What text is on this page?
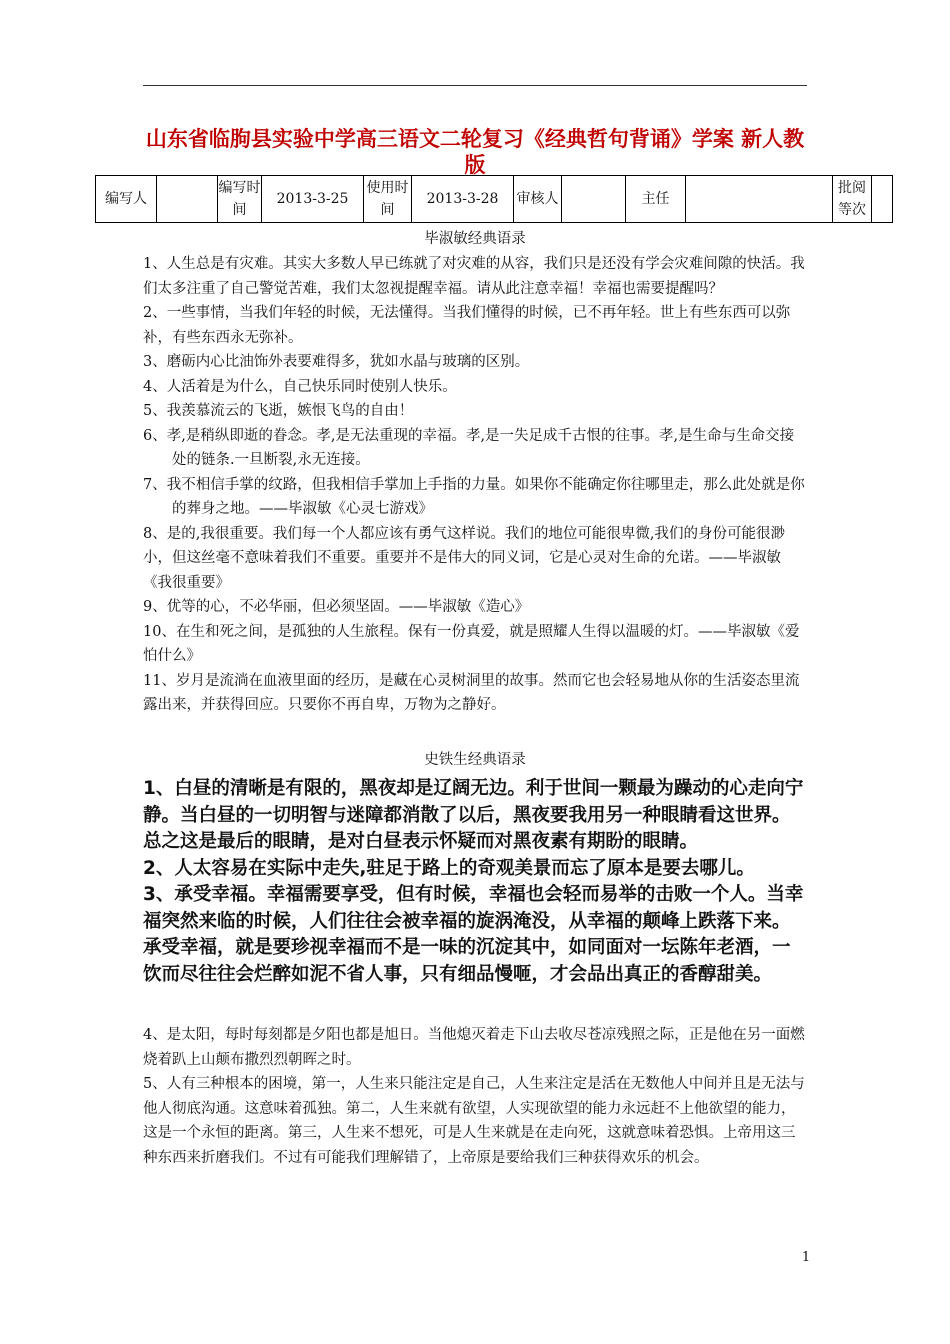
山东省临朐县实验中学高三语文二轮复习《经典哲句背诵》学案 新人教版
编写人		编写时间	2013-3-25	使用时间	2013-3-28	审核人		主任		批阅等次	
毕淑敏经典语录

1、人生总是有灾难。其实大多数人早已练就了对灾难的从容，我们只是还没有学会灾难间隙的快活。我们太多注重了自己警觉苦难，我们太忽视提醒幸福。请从此注意幸福！幸福也需要提醒吗？

2、一些事情，当我们年轻的时候，无法懂得。当我们懂得的时候，已不再年轻。世上有些东西可以弥补，有些东西永无弥补。

3、磨砺内心比油饰外表要难得多，犹如水晶与玻璃的区别。

4、人活着是为什么，自己快乐同时使别人快乐。

5、我羡慕流云的飞逝，嫉恨飞鸟的自由！

6、孝,是稍纵即逝的眷念。孝,是无法重现的幸福。孝,是一失足成千古恨的往事。孝,是生命与生命交接处的链条.一旦断裂,永无连接。

7、我不相信手掌的纹路，但我相信手掌加上手指的力量。如果你不能确定你往哪里走，那么此处就是你的葬身之地。——毕淑敏《心灵七游戏》

8、是的,我很重要。我们每一个人都应该有勇气这样说。我们的地位可能很卑微,我们的身份可能很渺小，但这丝毫不意味着我们不重要。重要并不是伟大的同义词，它是心灵对生命的允诺。——毕淑敏《我很重要》

9、优等的心，不必华丽，但必须坚固。——毕淑敏《造心》

10、在生和死之间，是孤独的人生旅程。保有一份真爱，就是照耀人生得以温暖的灯。——毕淑敏《爱怕什么》

11、岁月是流淌在血液里面的经历，是藏在心灵树洞里的故事。然而它也会轻易地从你的生活姿态里流露出来，并获得回应。只要你不再自卑，万物为之静好。

史铁生经典语录

1、白昼的清晰是有限的，黑夜却是辽阔无边。利于世间一颗最为躁动的心走向宁静。当白昼的一切明智与迷障都消散了以后，黑夜要我用另一种眼睛看这世界。总之这是最后的眼睛，是对白昼表示怀疑而对黑夜素有期盼的眼睛。

2、人太容易在实际中走失,驻足于路上的奇观美景而忘了原本是要去哪儿。

3、承受幸福。幸福需要享受，但有时候，幸福也会轻而易举的击败一个人。当幸福突然来临的时候，人们往往会被幸福的旋涡淹没，从幸福的颠峰上跌落下来。承受幸福，就是要珍视幸福而不是一味的沉淀其中，如同面对一坛陈年老酒，一饮而尽往往会烂醉如泥不省人事，只有细品慢咂，才会品出真正的香醇甜美。

4、是太阳，每时每刻都是夕阳也都是旭日。当他熄灭着走下山去收尽苍凉残照之际，正是他在另一面燃烧着趴上山颠布撒烈烈朝晖之时。

5、人有三种根本的困境，第一，人生来只能注定是自己，人生来注定是活在无数他人中间并且是无法与他人彻底沟通。这意味着孤独。第二，人生来就有欲望，人实现欲望的能力永远赶不上他欲望的能力，这是一个永恒的距离。第三，人生来不想死，可是人生来就是在走向死，这就意味着恐惧。上帝用这三种东西来折磨我们。不过有可能我们理解错了，上帝原是要给我们三种获得欢乐的机会。

1
